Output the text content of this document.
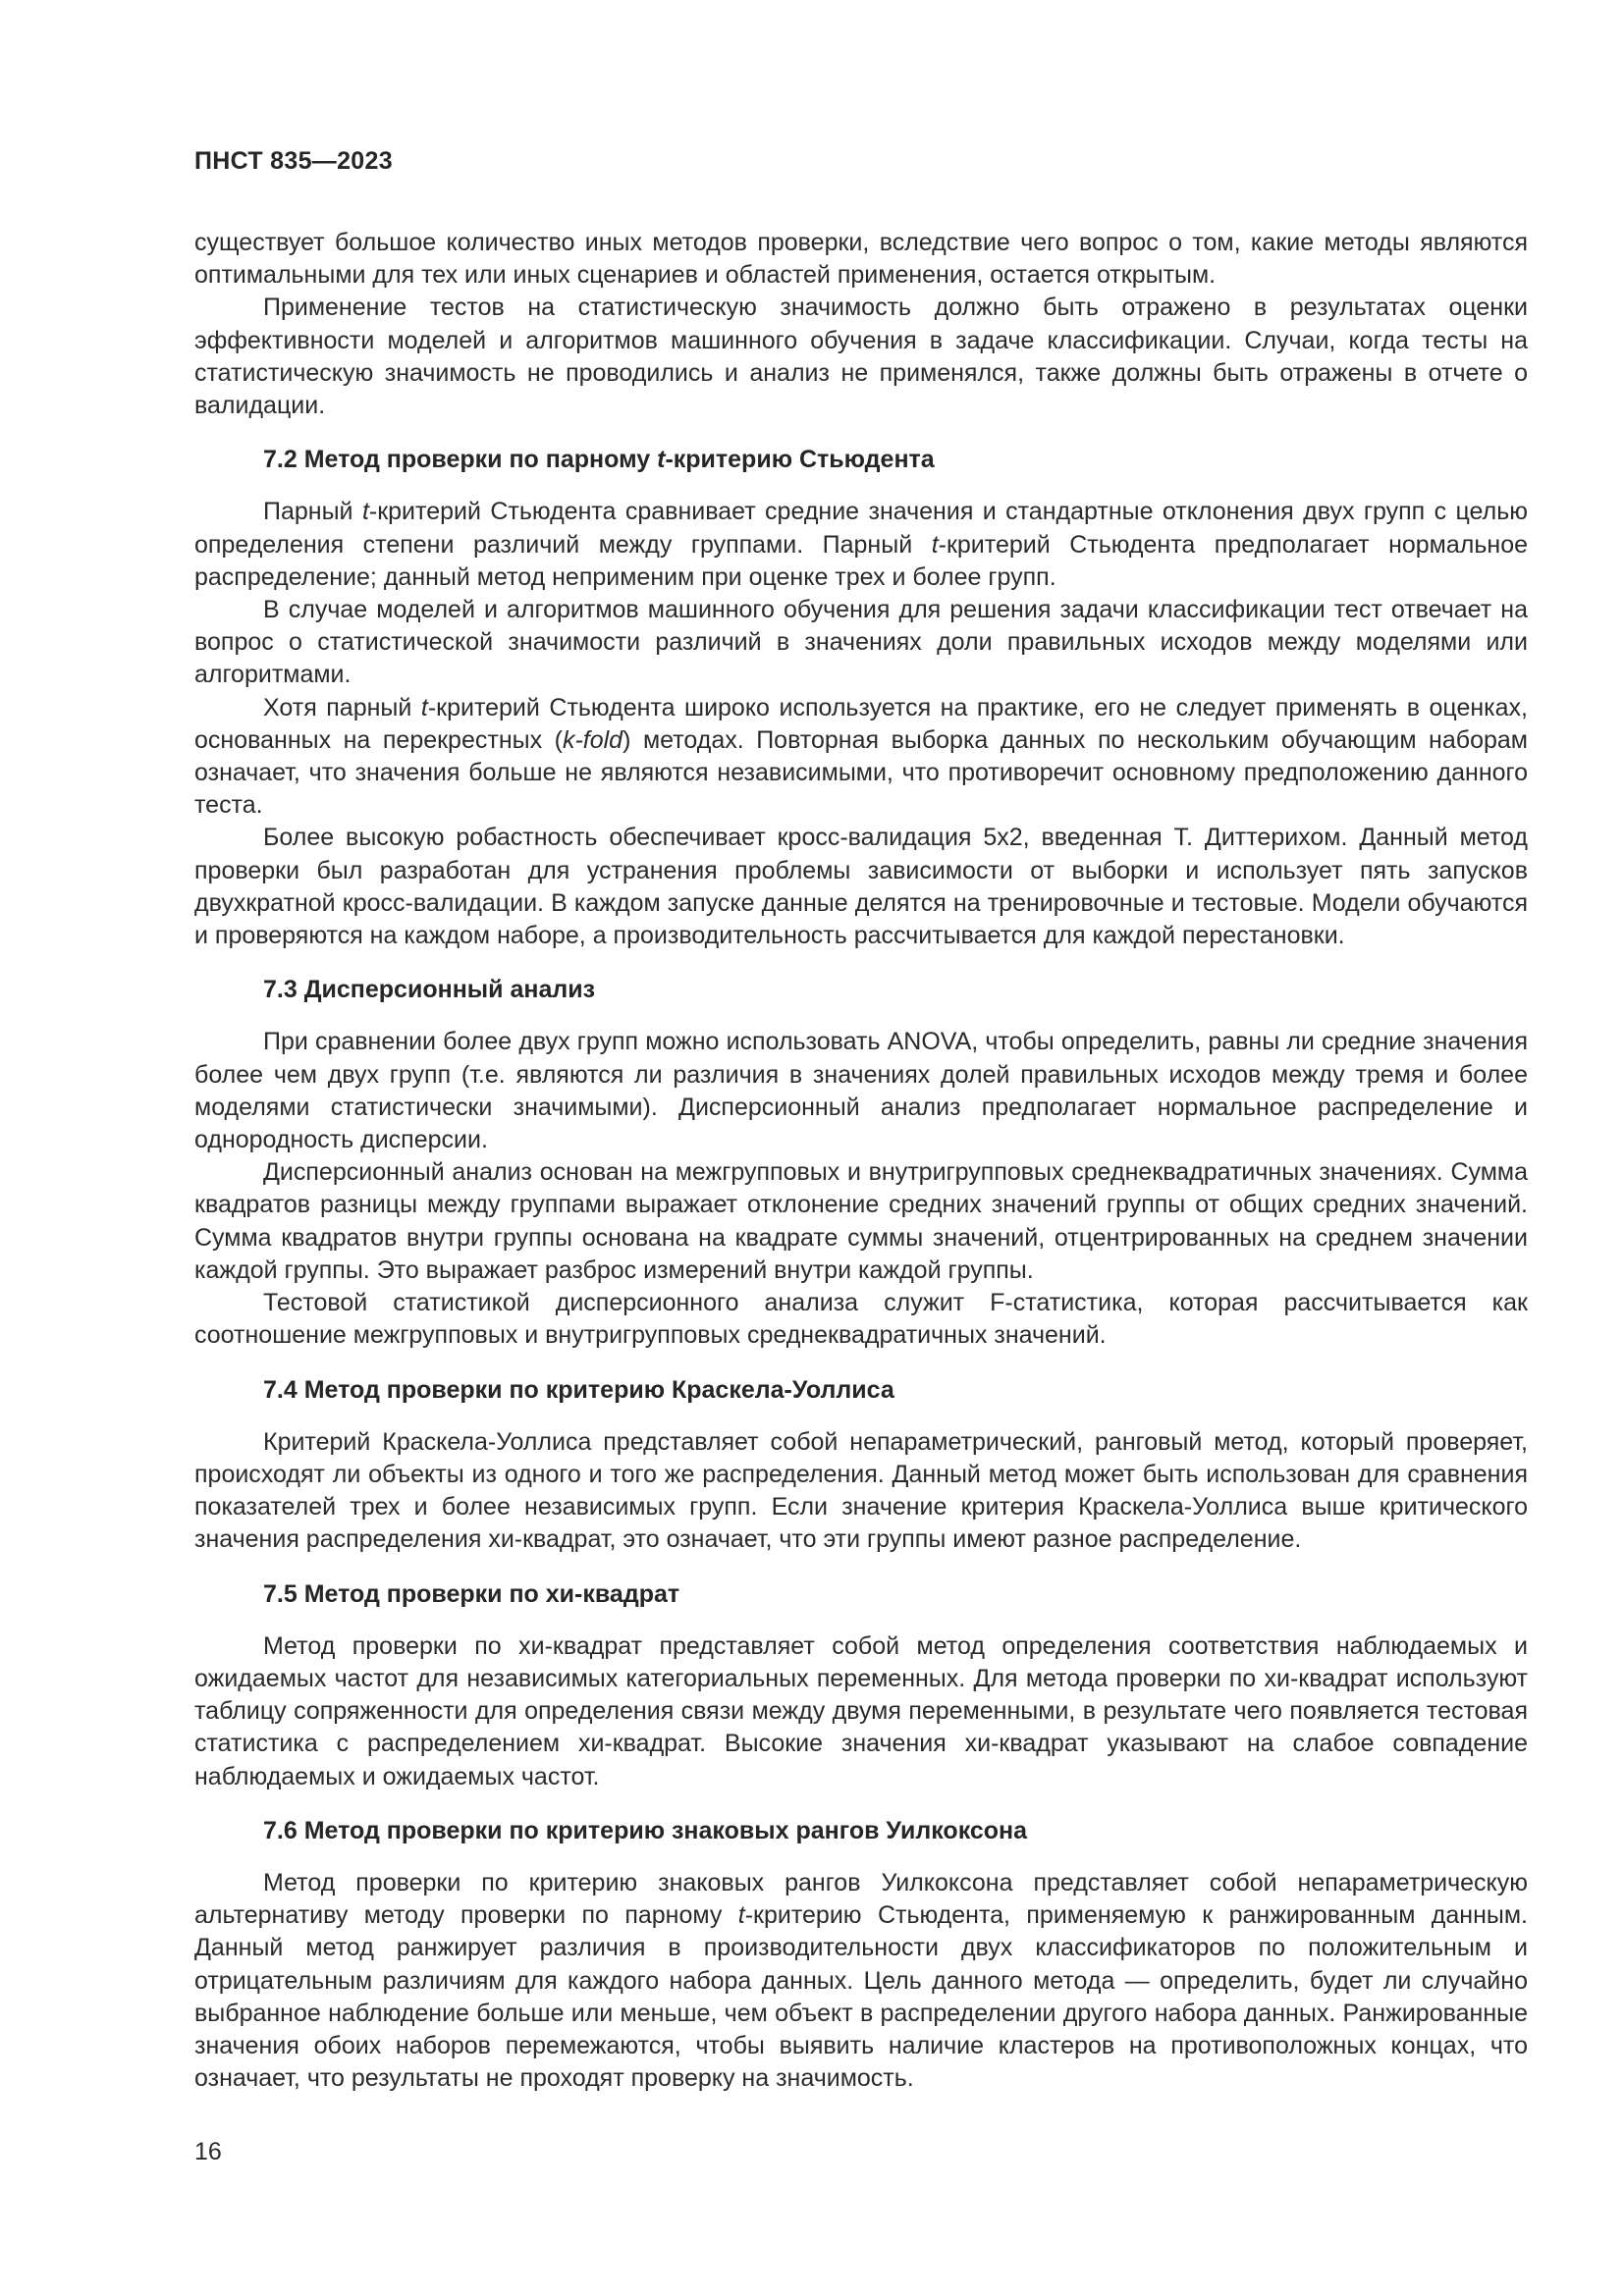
ПНСТ 835—2023

существует большое количество иных методов проверки, вследствие чего вопрос о том, какие методы являются оптимальными для тех или иных сценариев и областей применения, остается открытым.

Применение тестов на статистическую значимость должно быть отражено в результатах оценки эффективности моделей и алгоритмов машинного обучения в задаче классификации. Случаи, когда тесты на статистическую значимость не проводились и анализ не применялся, также должны быть отражены в отчете о валидации.

7.2 Метод проверки по парному t-критерию Стьюдента

Парный t-критерий Стьюдента сравнивает средние значения и стандартные отклонения двух групп с целью определения степени различий между группами. Парный t-критерий Стьюдента предполагает нормальное распределение; данный метод неприменим при оценке трех и более групп.

В случае моделей и алгоритмов машинного обучения для решения задачи классификации тест отвечает на вопрос о статистической значимости различий в значениях доли правильных исходов между моделями или алгоритмами.

Хотя парный t-критерий Стьюдента широко используется на практике, его не следует применять в оценках, основанных на перекрестных (k-fold) методах. Повторная выборка данных по нескольким обучающим наборам означает, что значения больше не являются независимыми, что противоречит основному предположению данного теста.

Более высокую робастность обеспечивает кросс-валидация 5x2, введенная Т. Диттерихом. Данный метод проверки был разработан для устранения проблемы зависимости от выборки и использует пять запусков двухкратной кросс-валидации. В каждом запуске данные делятся на тренировочные и тестовые. Модели обучаются и проверяются на каждом наборе, а производительность рассчитывается для каждой перестановки.

7.3 Дисперсионный анализ

При сравнении более двух групп можно использовать ANOVA, чтобы определить, равны ли средние значения более чем двух групп (т.е. являются ли различия в значениях долей правильных исходов между тремя и более моделями статистически значимыми). Дисперсионный анализ предполагает нормальное распределение и однородность дисперсии.

Дисперсионный анализ основан на межгрупповых и внутригрупповых среднеквадратичных значениях. Сумма квадратов разницы между группами выражает отклонение средних значений группы от общих средних значений. Сумма квадратов внутри группы основана на квадрате суммы значений, отцентрированных на среднем значении каждой группы. Это выражает разброс измерений внутри каждой группы.

Тестовой статистикой дисперсионного анализа служит F-статистика, которая рассчитывается как соотношение межгрупповых и внутригрупповых среднеквадратичных значений.

7.4 Метод проверки по критерию Краскела-Уоллиса

Критерий Краскела-Уоллиса представляет собой непараметрический, ранговый метод, который проверяет, происходят ли объекты из одного и того же распределения. Данный метод может быть использован для сравнения показателей трех и более независимых групп. Если значение критерия Краскела-Уоллиса выше критического значения распределения хи-квадрат, это означает, что эти группы имеют разное распределение.

7.5 Метод проверки по хи-квадрат

Метод проверки по хи-квадрат представляет собой метод определения соответствия наблюдаемых и ожидаемых частот для независимых категориальных переменных. Для метода проверки по хи-квадрат используют таблицу сопряженности для определения связи между двумя переменными, в результате чего появляется тестовая статистика с распределением хи-квадрат. Высокие значения хи-квадрат указывают на слабое совпадение наблюдаемых и ожидаемых частот.

7.6 Метод проверки по критерию знаковых рангов Уилкоксона

Метод проверки по критерию знаковых рангов Уилкоксона представляет собой непараметрическую альтернативу методу проверки по парному t-критерию Стьюдента, применяемую к ранжированным данным. Данный метод ранжирует различия в производительности двух классификаторов по положительным и отрицательным различиям для каждого набора данных. Цель данного метода — определить, будет ли случайно выбранное наблюдение больше или меньше, чем объект в распределении другого набора данных. Ранжированные значения обоих наборов перемежаются, чтобы выявить наличие кластеров на противоположных концах, что означает, что результаты не проходят проверку на значимость.

16
